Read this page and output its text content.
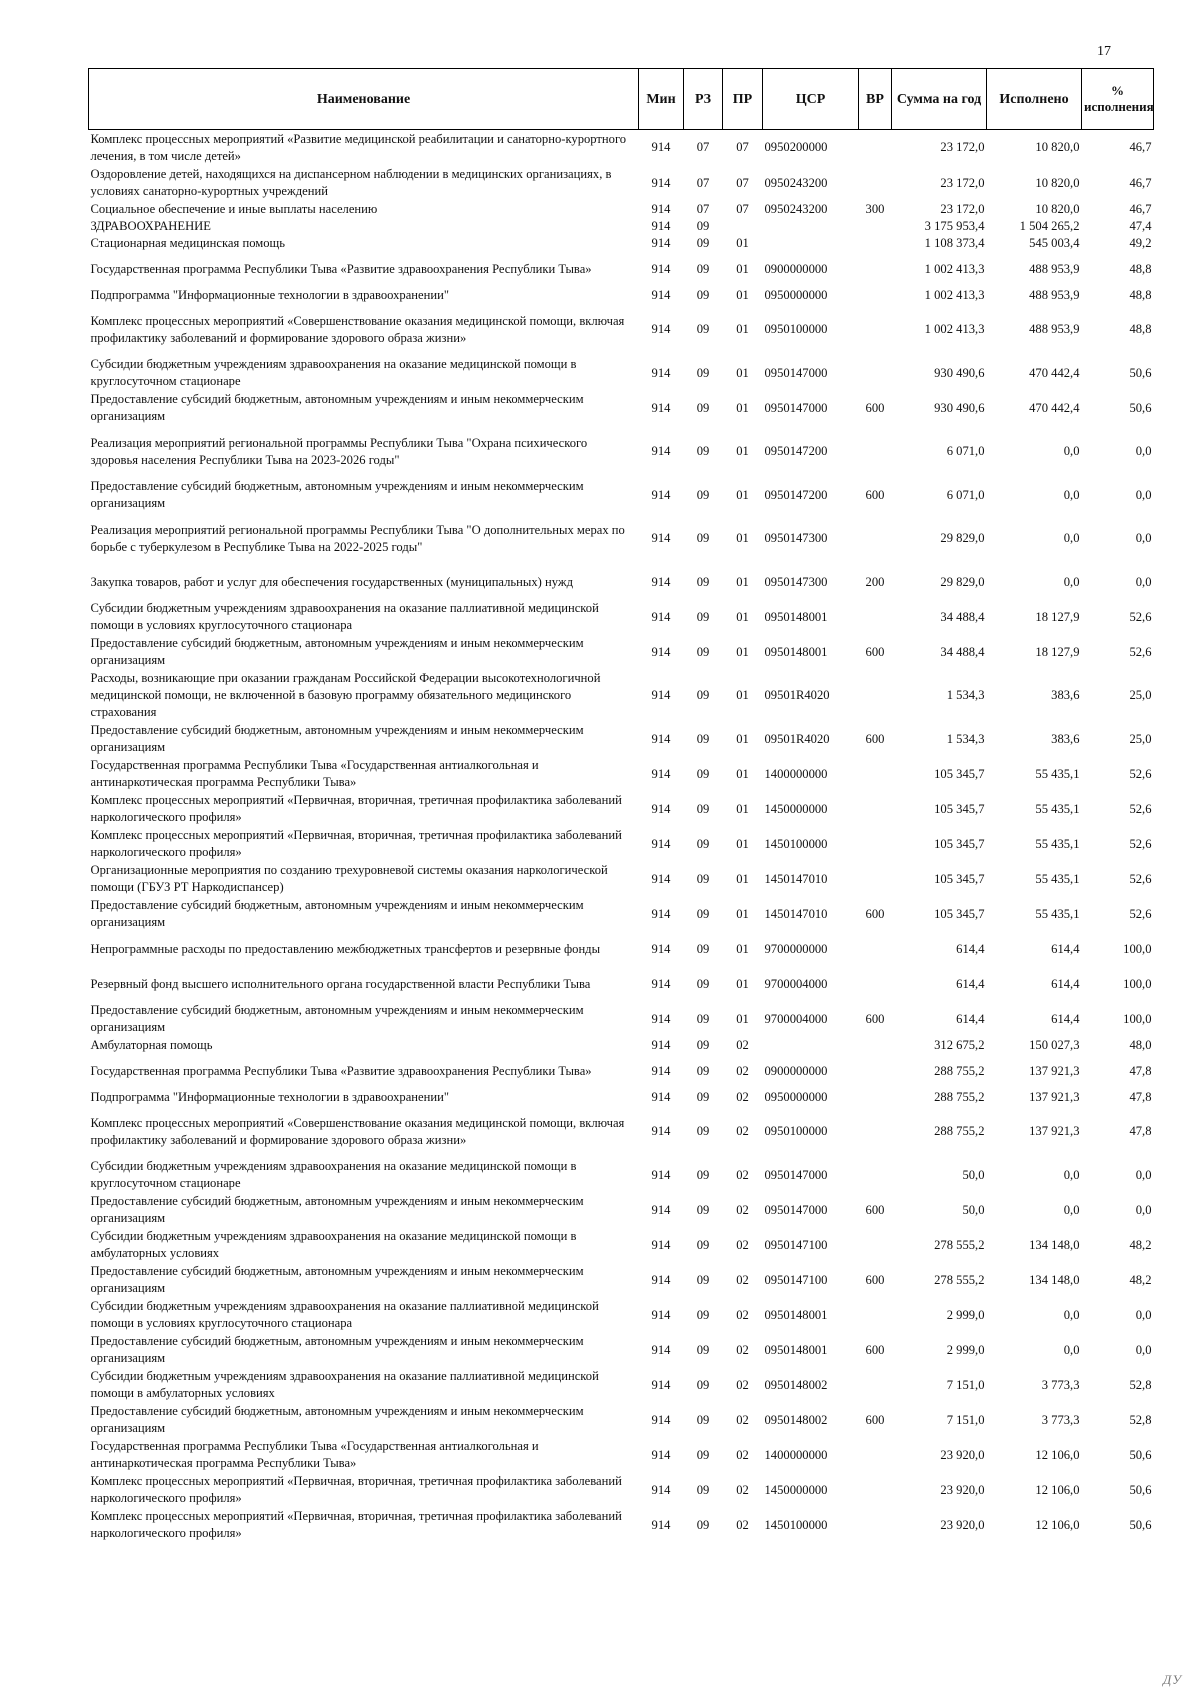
17
Наименование	Мин	РЗ	ПР	ЦСР	ВР	Сумма на год	Исполнено	% исполнения
Комплекс процессных мероприятий «Развитие медицинской реабилитации и санаторно-курортного лечения, в том числе детей»	914	07	07	0950200000		23 172,0	10 820,0	46,7
Оздоровление детей, находящихся на диспансерном наблюдении в медицинских организациях, в условиях санаторно-курортных учреждений	914	07	07	0950243200		23 172,0	10 820,0	46,7
Социальное обеспечение и иные выплаты населению	914	07	07	0950243200	300	23 172,0	10 820,0	46,7
ЗДРАВООХРАНЕНИЕ	914	09				3 175 953,4	1 504 265,2	47,4
Стационарная медицинская помощь	914	09	01			1 108 373,4	545 003,4	49,2
Государственная программа Республики Тыва «Развитие здравоохранения Республики Тыва»	914	09	01	0900000000		1 002 413,3	488 953,9	48,8
Подпрограмма "Информационные технологии в здравоохранении"	914	09	01	0950000000		1 002 413,3	488 953,9	48,8
Комплекс процессных мероприятий «Совершенствование оказания медицинской помощи, включая профилактику заболеваний и формирование здорового образа жизни»	914	09	01	0950100000		1 002 413,3	488 953,9	48,8
Субсидии бюджетным учреждениям здравоохранения на оказание медицинской помощи в круглосуточном стационаре	914	09	01	0950147000		930 490,6	470 442,4	50,6
Предоставление субсидий бюджетным, автономным учреждениям и иным некоммерческим организациям	914	09	01	0950147000	600	930 490,6	470 442,4	50,6
Реализация мероприятий региональной программы Республики Тыва "Охрана психического здоровья населения Республики Тыва на 2023-2026 годы"	914	09	01	0950147200		6 071,0	0,0	0,0
Предоставление субсидий бюджетным, автономным учреждениям и иным некоммерческим организациям	914	09	01	0950147200	600	6 071,0	0,0	0,0
Реализация мероприятий региональной программы Республики Тыва "О дополнительных мерах по борьбе с туберкулезом в Республике Тыва на 2022-2025 годы"	914	09	01	0950147300		29 829,0	0,0	0,0
Закупка товаров, работ и услуг для обеспечения государственных (муниципальных) нужд	914	09	01	0950147300	200	29 829,0	0,0	0,0
Субсидии бюджетным учреждениям здравоохранения на оказание паллиативной медицинской помощи в условиях круглосуточного стационара	914	09	01	0950148001		34 488,4	18 127,9	52,6
Предоставление субсидий бюджетным, автономным учреждениям и иным некоммерческим организациям	914	09	01	0950148001	600	34 488,4	18 127,9	52,6
Расходы, возникающие при оказании гражданам Российской Федерации высокотехнологичной медицинской помощи, не включенной в базовую программу обязательного медицинского страхования	914	09	01	09501R4020		1 534,3	383,6	25,0
Предоставление субсидий бюджетным, автономным учреждениям и иным некоммерческим организациям	914	09	01	09501R4020	600	1 534,3	383,6	25,0
Государственная программа Республики Тыва «Государственная антиалкогольная и антинаркотическая программа Республики Тыва»	914	09	01	1400000000		105 345,7	55 435,1	52,6
Комплекс процессных мероприятий «Первичная, вторичная, третичная профилактика заболеваний наркологического профиля»	914	09	01	1450000000		105 345,7	55 435,1	52,6
Комплекс процессных мероприятий «Первичная, вторичная, третичная профилактика заболеваний наркологического профиля»	914	09	01	1450100000		105 345,7	55 435,1	52,6
Организационные мероприятия по созданию трехуровневой системы оказания наркологической помощи (ГБУЗ РТ Наркодиспансер)	914	09	01	1450147010		105 345,7	55 435,1	52,6
Предоставление субсидий бюджетным, автономным учреждениям и иным некоммерческим организациям	914	09	01	1450147010	600	105 345,7	55 435,1	52,6
Непрограммные расходы по предоставлению межбюджетных трансфертов и резервные фонды	914	09	01	9700000000		614,4	614,4	100,0
Резервный фонд высшего исполнительного органа государственной власти Республики Тыва	914	09	01	9700004000		614,4	614,4	100,0
Предоставление субсидий бюджетным, автономным учреждениям и иным некоммерческим организациям	914	09	01	9700004000	600	614,4	614,4	100,0
Амбулаторная помощь	914	09	02			312 675,2	150 027,3	48,0
Государственная программа Республики Тыва «Развитие здравоохранения Республики Тыва»	914	09	02	0900000000		288 755,2	137 921,3	47,8
Подпрограмма "Информационные технологии в здравоохранении"	914	09	02	0950000000		288 755,2	137 921,3	47,8
Комплекс процессных мероприятий «Совершенствование оказания медицинской помощи, включая профилактику заболеваний и формирование здорового образа жизни»	914	09	02	0950100000		288 755,2	137 921,3	47,8
Субсидии бюджетным учреждениям здравоохранения на оказание медицинской помощи в круглосуточном стационаре	914	09	02	0950147000		50,0	0,0	0,0
Предоставление субсидий бюджетным, автономным учреждениям и иным некоммерческим организациям	914	09	02	0950147000	600	50,0	0,0	0,0
Субсидии бюджетным учреждениям здравоохранения на оказание медицинской помощи в амбулаторных условиях	914	09	02	0950147100		278 555,2	134 148,0	48,2
Предоставление субсидий бюджетным, автономным учреждениям и иным некоммерческим организациям	914	09	02	0950147100	600	278 555,2	134 148,0	48,2
Субсидии бюджетным учреждениям здравоохранения на оказание паллиативной медицинской помощи в условиях круглосуточного стационара	914	09	02	0950148001		2 999,0	0,0	0,0
Предоставление субсидий бюджетным, автономным учреждениям и иным некоммерческим организациям	914	09	02	0950148001	600	2 999,0	0,0	0,0
Субсидии бюджетным учреждениям здравоохранения на оказание паллиативной медицинской помощи в амбулаторных условиях	914	09	02	0950148002		7 151,0	3 773,3	52,8
Предоставление субсидий бюджетным, автономным учреждениям и иным некоммерческим организациям	914	09	02	0950148002	600	7 151,0	3 773,3	52,8
Государственная программа Республики Тыва «Государственная антиалкогольная и антинаркотическая программа Республики Тыва»	914	09	02	1400000000		23 920,0	12 106,0	50,6
Комплекс процессных мероприятий «Первичная, вторичная, третичная профилактика заболеваний наркологического профиля»	914	09	02	1450000000		23 920,0	12 106,0	50,6
Комплекс процессных мероприятий «Первичная, вторичная, третичная профилактика заболеваний наркологического профиля»	914	09	02	1450100000		23 920,0	12 106,0	50,6
ДУ
